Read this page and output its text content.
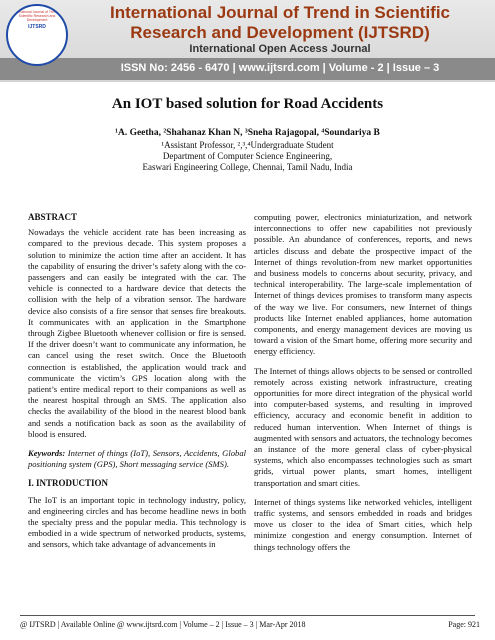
International Journal of Trend in Scientific Research and Development
IJTSRD
International Journal of Trend in Scientific
Research and Development (IJTSRD)
International Open Access Journal
ISSN No: 2456 - 6470 | www.ijtsrd.com | Volume - 2 | Issue – 3
An IOT based solution for Road Accidents
¹A. Geetha, ²Shahanaz Khan N, ³Sneha Rajagopal, ⁴Soundariya B
¹Assistant Professor, ²,³,⁴Undergraduate Student
Department of Computer Science Engineering,
Easwari Engineering College, Chennai, Tamil Nadu, India
ABSTRACT

Nowadays the vehicle accident rate has been increasing as compared to the previous decade. This system proposes a solution to minimize the action time after an accident. It has the capability of ensuring the driver’s safety along with the co-passengers and can easily be integrated with the car. The vehicle is connected to a hardware device that detects the collision with the help of a vibration sensor. The hardware device also consists of a fire sensor that senses fire breakouts. It communicates with an application in the Smartphone through Zigbee Bluetooth whenever collision or fire is sensed. If the driver doesn’t want to communicate any information, he can cancel using the reset switch. Once the Bluetooth connection is established, the application would track and communicate the victim’s GPS location along with the patient’s entire medical report to their companions as well as the nearest hospital through an SMS. The application also checks the availability of the blood in the nearest blood bank and sends a notification back as soon as the availability of blood is ensured.

Keywords: Internet of things (IoT), Sensors, Accidents, Global positioning system (GPS), Short messaging service (SMS).

I. INTRODUCTION

The IoT is an important topic in technology industry, policy, and engineering circles and has become headline news in both the specialty press and the popular media. This technology is embodied in a wide spectrum of networked products, systems, and sensors, which take advantage of advancements in

computing power, electronics miniaturization, and network interconnections to offer new capabilities not previously possible. An abundance of conferences, reports, and news articles discuss and debate the prospective impact of the Internet of things revolution-from new market opportunities and business models to concerns about security, privacy, and technical interoperability. The large-scale implementation of Internet of things devices promises to transform many aspects of the way we live. For consumers, new Internet of things products like Internet enabled appliances, home automation components, and energy management devices are moving us toward a vision of the Smart home, offering more security and energy efficiency.

The Internet of things allows objects to be sensed or controlled remotely across existing network infrastructure, creating opportunities for more direct integration of the physical world into computer-based systems, and resulting in improved efficiency, accuracy and economic benefit in addition to reduced human intervention. When Internet of things is augmented with sensors and actuators, the technology becomes an instance of the more general class of cyber-physical systems, which also encompasses technologies such as smart grids, virtual power plants, smart homes, intelligent transportation and smart cities.

Internet of things systems like networked vehicles, intelligent traffic systems, and sensors embedded in roads and bridges move us closer to the idea of Smart cities, which help minimize congestion and energy consumption. Internet of things technology offers the

@ IJTSRD | Available Online @ www.ijtsrd.com | Volume – 2 | Issue – 3 | Mar-Apr 2018	Page: 921
